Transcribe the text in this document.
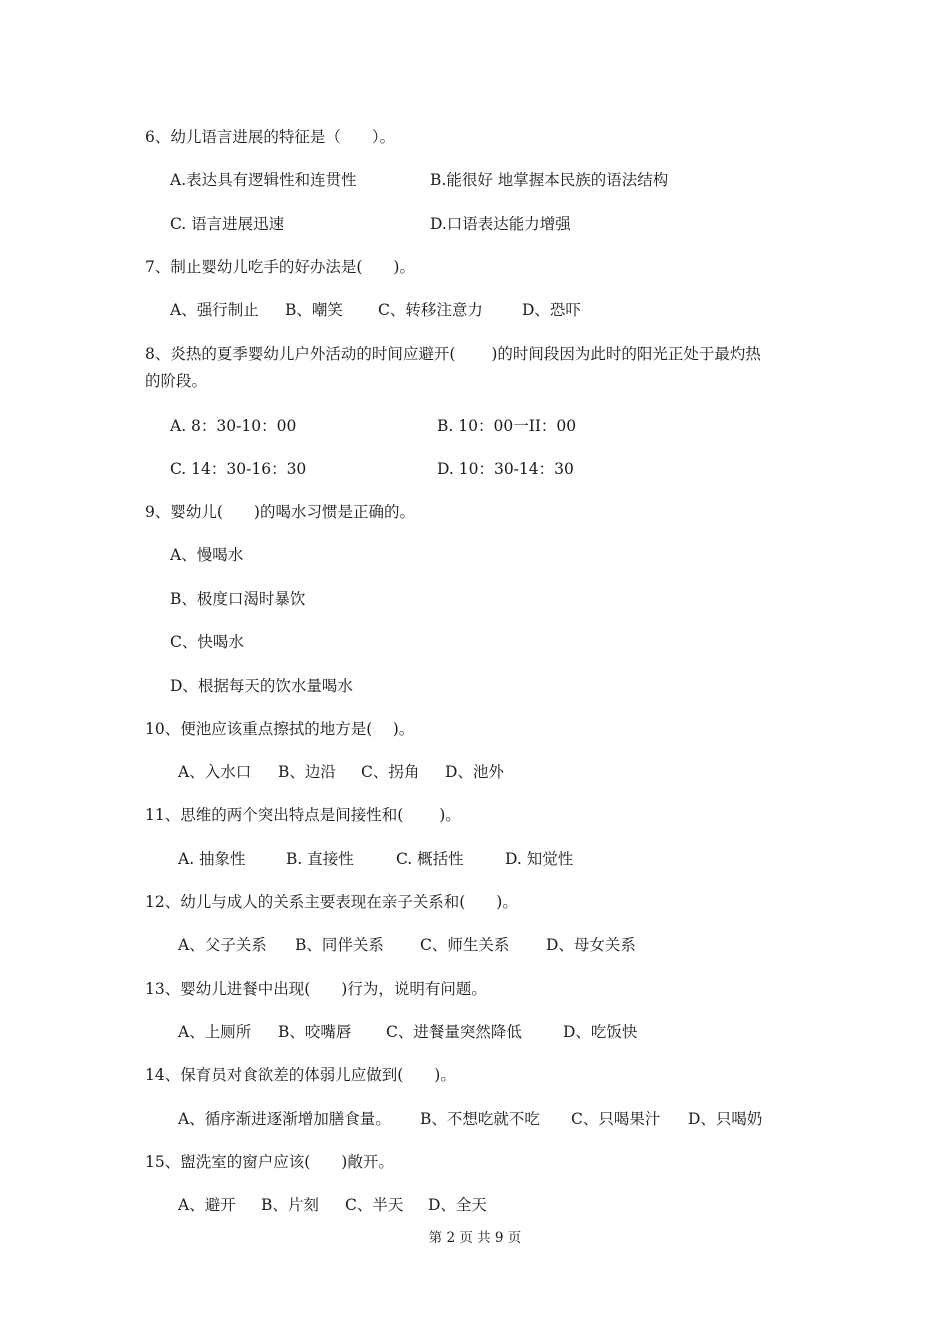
6、幼儿语言进展的特征是（　　）。
A.表达具有逻辑性和连贯性	B.能很好 地掌握本民族的语法结构
C. 语言进展迅速	D.口语表达能力增强
7、制止婴幼儿吃手的好办法是(　　)。
A、强行制止 B、嘲笑 C、转移注意力	D、恐吓
8、炎热的夏季婴幼儿户外活动的时间应避开(　　 )的时间段因为此时的阳光正处于最灼热
的阶段。
A. 8：30-10：00	B. 10：00一II：00
C. 14：30-16：30	D. 10：30-14：30
9、婴幼儿(　　)的喝水习惯是正确的。
A、慢喝水
B、极度口渴时暴饮
C、快喝水
D、根据每天的饮水量喝水
10、便池应该重点擦拭的地方是(　 )。
A、入水口 B、边沿 C、拐角 D、池外
11、思维的两个突出特点是间接性和(　　 )。
A. 抽象性	B. 直接性	C. 概括性	D. 知觉性
12、幼儿与成人的关系主要表现在亲子关系和(　　)。
A、父子关系 B、同伴关系 C、师生关系 D、母女关系
13、婴幼儿进餐中出现(　　)行为，说明有问题。
A、上厕所 B、咬嘴唇 C、进餐量突然降低	D、吃饭快
14、保育员对食欲差的体弱儿应做到(　　)。
A、循序渐进逐渐增加膳食量。 B、不想吃就不吃 C、只喝果汁 D、只喝奶
15、盥洗室的窗户应该(　　)敞开。
A、避开 B、片刻 C、半天 D、全天
第 2 页 共 9 页
